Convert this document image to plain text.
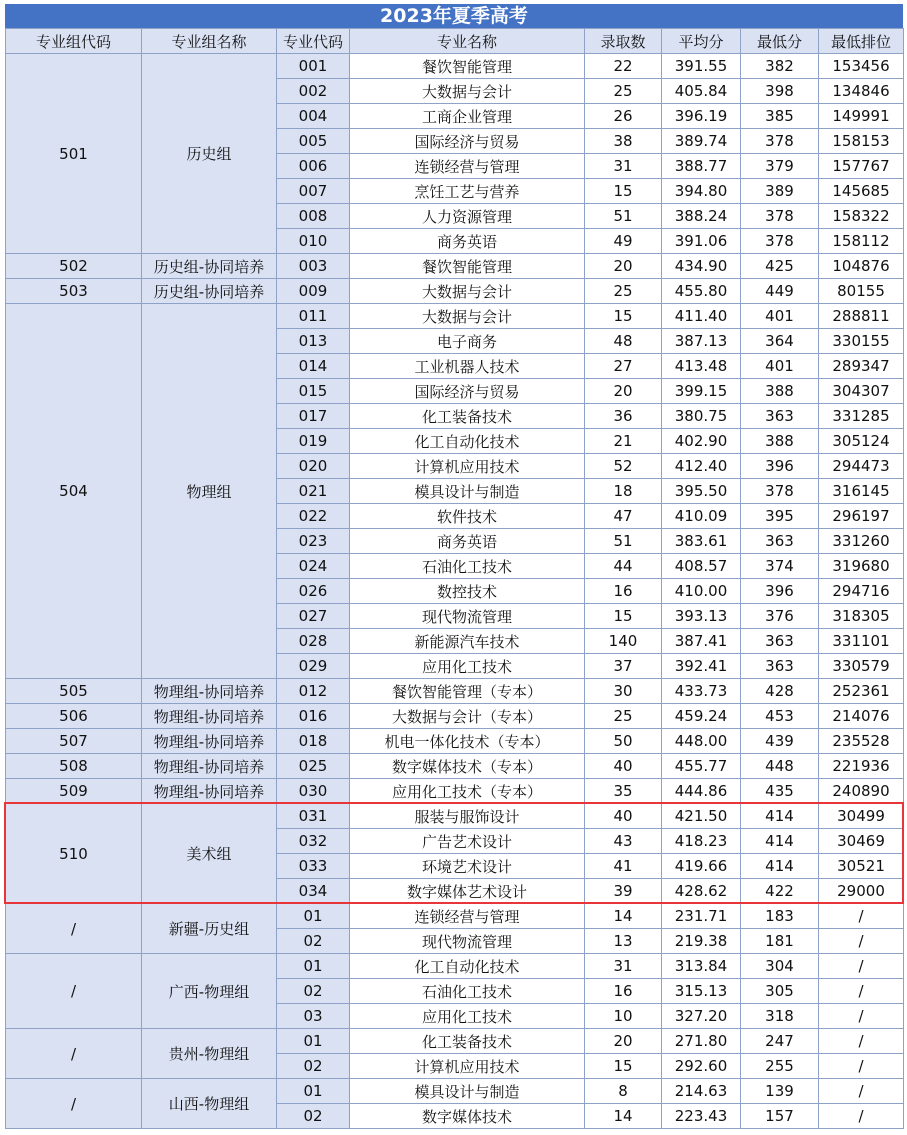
2023年夏季高考
专业组代码	专业组名称	专业代码	专业名称	录取数	平均分	最低分	最低排位
501	历史组	001	餐饮智能管理	22	391.55	382	153456
		002	大数据与会计	25	405.84	398	134846
		004	工商企业管理	26	396.19	385	149991
		005	国际经济与贸易	38	389.74	378	158153
		006	连锁经营与管理	31	388.77	379	157767
		007	烹饪工艺与营养	15	394.80	389	145685
		008	人力资源管理	51	388.24	378	158322
		010	商务英语	49	391.06	378	158112
502	历史组-协同培养	003	餐饮智能管理	20	434.90	425	104876
503	历史组-协同培养	009	大数据与会计	25	455.80	449	80155
504	物理组	011	大数据与会计	15	411.40	401	288811
		013	电子商务	48	387.13	364	330155
		014	工业机器人技术	27	413.48	401	289347
		015	国际经济与贸易	20	399.15	388	304307
		017	化工装备技术	36	380.75	363	331285
		019	化工自动化技术	21	402.90	388	305124
		020	计算机应用技术	52	412.40	396	294473
		021	模具设计与制造	18	395.50	378	316145
		022	软件技术	47	410.09	395	296197
		023	商务英语	51	383.61	363	331260
		024	石油化工技术	44	408.57	374	319680
		026	数控技术	16	410.00	396	294716
		027	现代物流管理	15	393.13	376	318305
		028	新能源汽车技术	140	387.41	363	331101
		029	应用化工技术	37	392.41	363	330579
505	物理组-协同培养	012	餐饮智能管理（专本）	30	433.73	428	252361
506	物理组-协同培养	016	大数据与会计（专本）	25	459.24	453	214076
507	物理组-协同培养	018	机电一体化技术（专本）	50	448.00	439	235528
508	物理组-协同培养	025	数字媒体技术（专本）	40	455.77	448	221936
509	物理组-协同培养	030	应用化工技术（专本）	35	444.86	435	240890
510	美术组	031	服装与服饰设计	40	421.50	414	30499
		032	广告艺术设计	43	418.23	414	30469
		033	环境艺术设计	41	419.66	414	30521
		034	数字媒体艺术设计	39	428.62	422	29000
/	新疆-历史组	01	连锁经营与管理	14	231.71	183	/
		02	现代物流管理	13	219.38	181	/
/	广西-物理组	01	化工自动化技术	31	313.84	304	/
		02	石油化工技术	16	315.13	305	/
		03	应用化工技术	10	327.20	318	/
/	贵州-物理组	01	化工装备技术	20	271.80	247	/
		02	计算机应用技术	15	292.60	255	/
/	山西-物理组	01	模具设计与制造	8	214.63	139	/
		02	数字媒体技术	14	223.43	157	/
